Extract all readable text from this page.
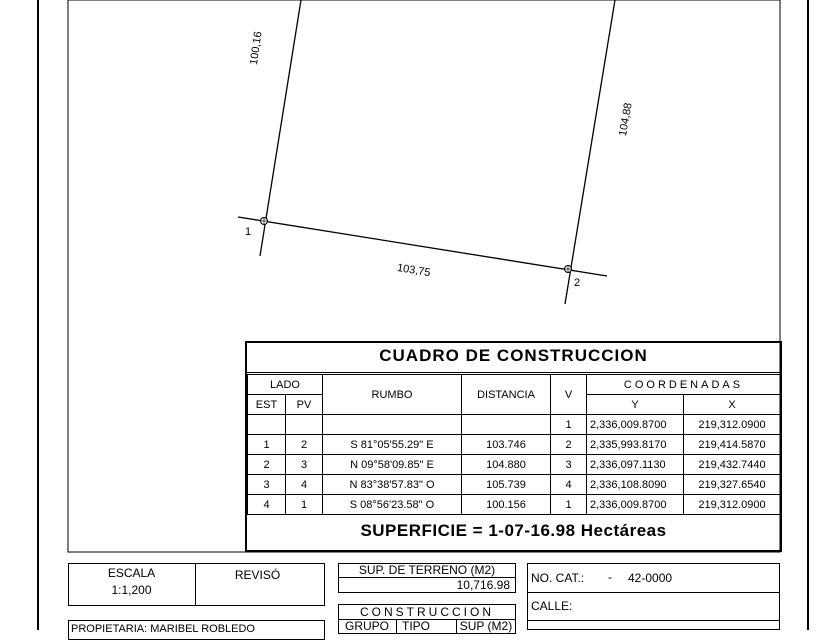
100,16
104,88
103,75
1
2
CUADRO DE CONSTRUCCION
LADO		RUMBO	DISTANCIA	V	COORDENADAS	
EST	PV				Y	X
				1	2,336,009.8700	219,312.0900
1	2	S 81°05'55.29" E	103.746	2	2,335,993.8170	219,414.5870
2	3	N 09°58'09.85" E	104.880	3	2,336,097.1130	219,432.7440
3	4	N 83°38'57.83" O	105.739	4	2,336,108.8090	219,327.6540
4	1	S 08°56'23.58" O	100.156	1	2,336,009.8700	219,312.0900
SUPERFICIE = 1-07-16.98 Hectáreas
ESCALA
1:1,200
REVISÓ
PROPIETARIA: MARIBEL ROBLEDO
SUP. DE TERRENO (M2)
10,716.98
CONSTRUCCION
GRUPO	TIPO	SUP (M2)
NO. CAT.: - 42-0000
CALLE:
